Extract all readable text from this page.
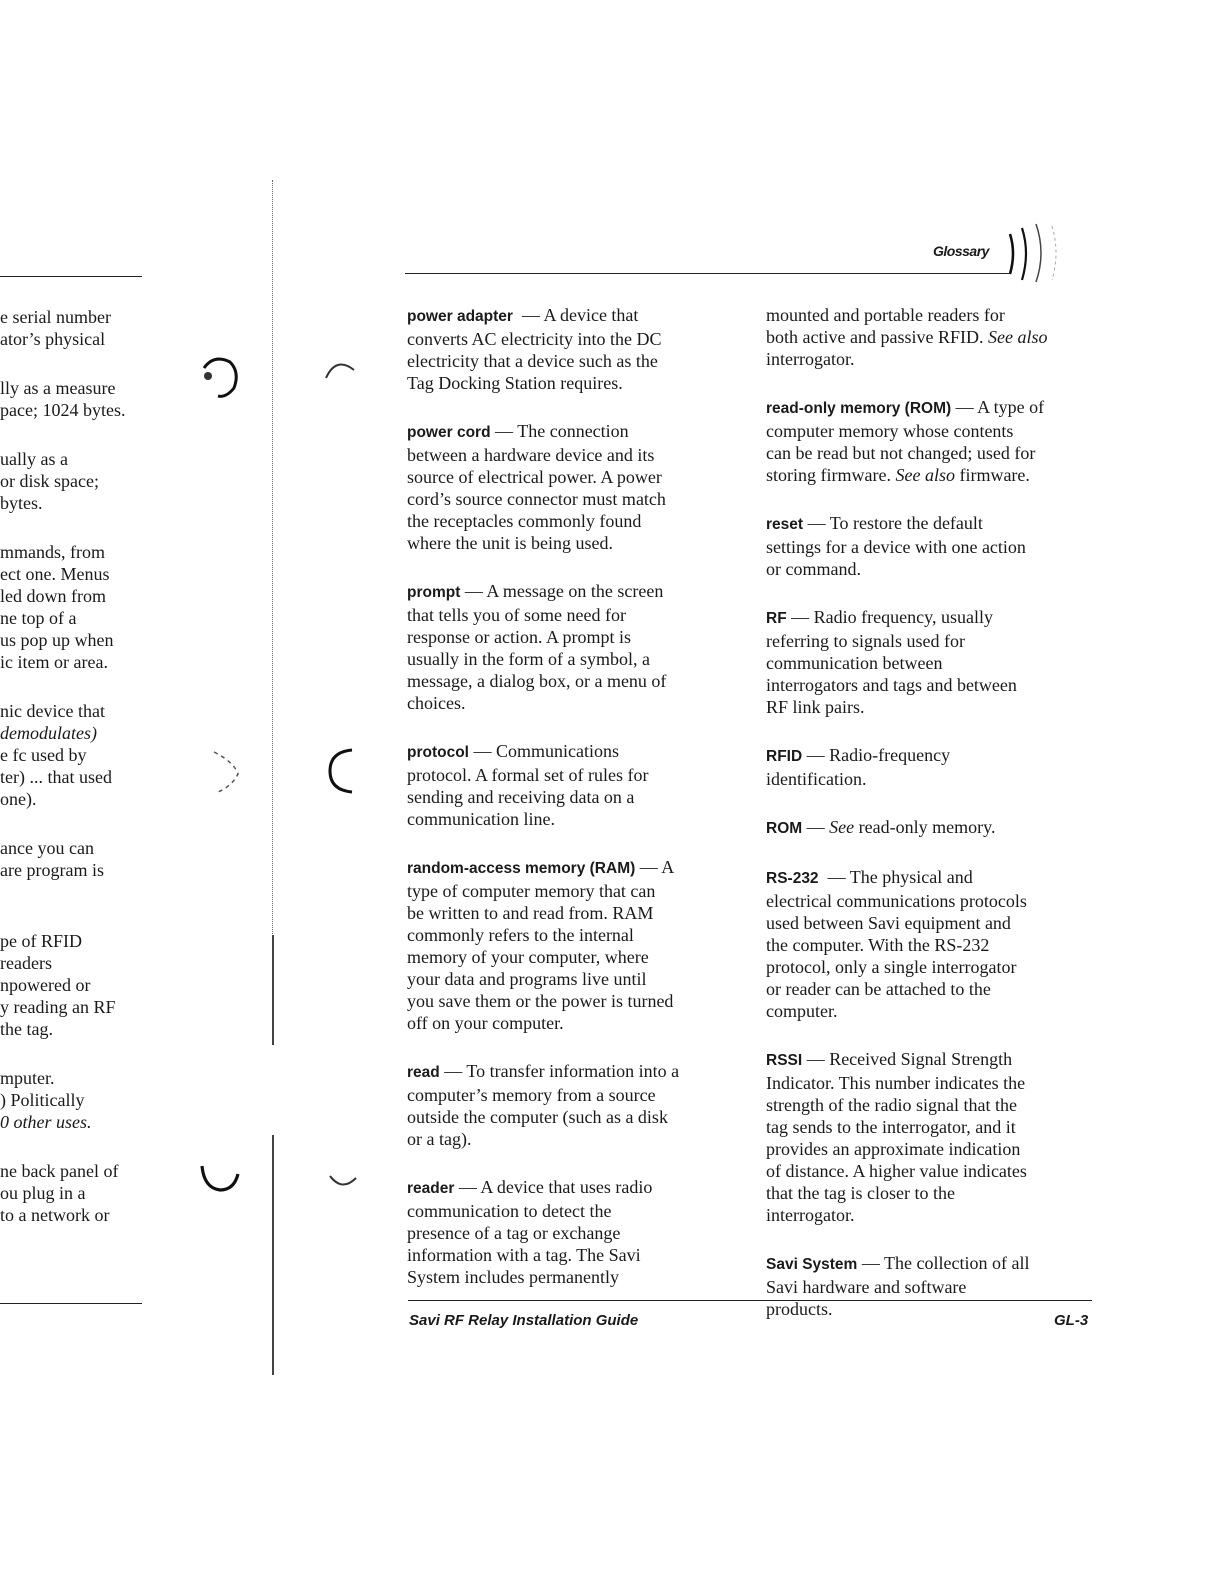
Glossary
e serial number
ator’s physical
lly as a measure
pace; 1024 bytes.
ually as a
or disk space;
bytes.
mmands, from
ect one. Menus
led down from
ne top of a
us pop up when
ic item or area.
nic device that
demodulates)
e fc used by
ter) ... that used
one).
ance you can
are program is
pe of RFID
readers
npowered or
y reading an RF
the tag.
mputer.
) Politically
0 other uses.
ne back panel of
ou plug in a
to a network or
power adapter — A device that
converts AC electricity into the DC
electricity that a device such as the
Tag Docking Station requires.
power cord — The connection
between a hardware device and its
source of electrical power. A power
cord’s source connector must match
the receptacles commonly found
where the unit is being used.
prompt — A message on the screen
that tells you of some need for
response or action. A prompt is
usually in the form of a symbol, a
message, a dialog box, or a menu of
choices.
protocol — Communications
protocol. A formal set of rules for
sending and receiving data on a
communication line.
random-access memory (RAM) — A
type of computer memory that can
be written to and read from. RAM
commonly refers to the internal
memory of your computer, where
your data and programs live until
you save them or the power is turned
off on your computer.
read — To transfer information into a
computer’s memory from a source
outside the computer (such as a disk
or a tag).
reader — A device that uses radio
communication to detect the
presence of a tag or exchange
information with a tag. The Savi
System includes permanently
mounted and portable readers for
both active and passive RFID. See also
interrogator.
read-only memory (ROM) — A type of
computer memory whose contents
can be read but not changed; used for
storing firmware. See also firmware.
reset — To restore the default
settings for a device with one action
or command.
RF — Radio frequency, usually
referring to signals used for
communication between
interrogators and tags and between
RF link pairs.
RFID — Radio-frequency
identification.
ROM — See read-only memory.
RS-232 — The physical and
electrical communications protocols
used between Savi equipment and
the computer. With the RS-232
protocol, only a single interrogator
or reader can be attached to the
computer.
RSSI — Received Signal Strength
Indicator. This number indicates the
strength of the radio signal that the
tag sends to the interrogator, and it
provides an approximate indication
of distance. A higher value indicates
that the tag is closer to the
interrogator.
Savi System — The collection of all
Savi hardware and software
products.
Savi RF Relay Installation Guide	GL-3
